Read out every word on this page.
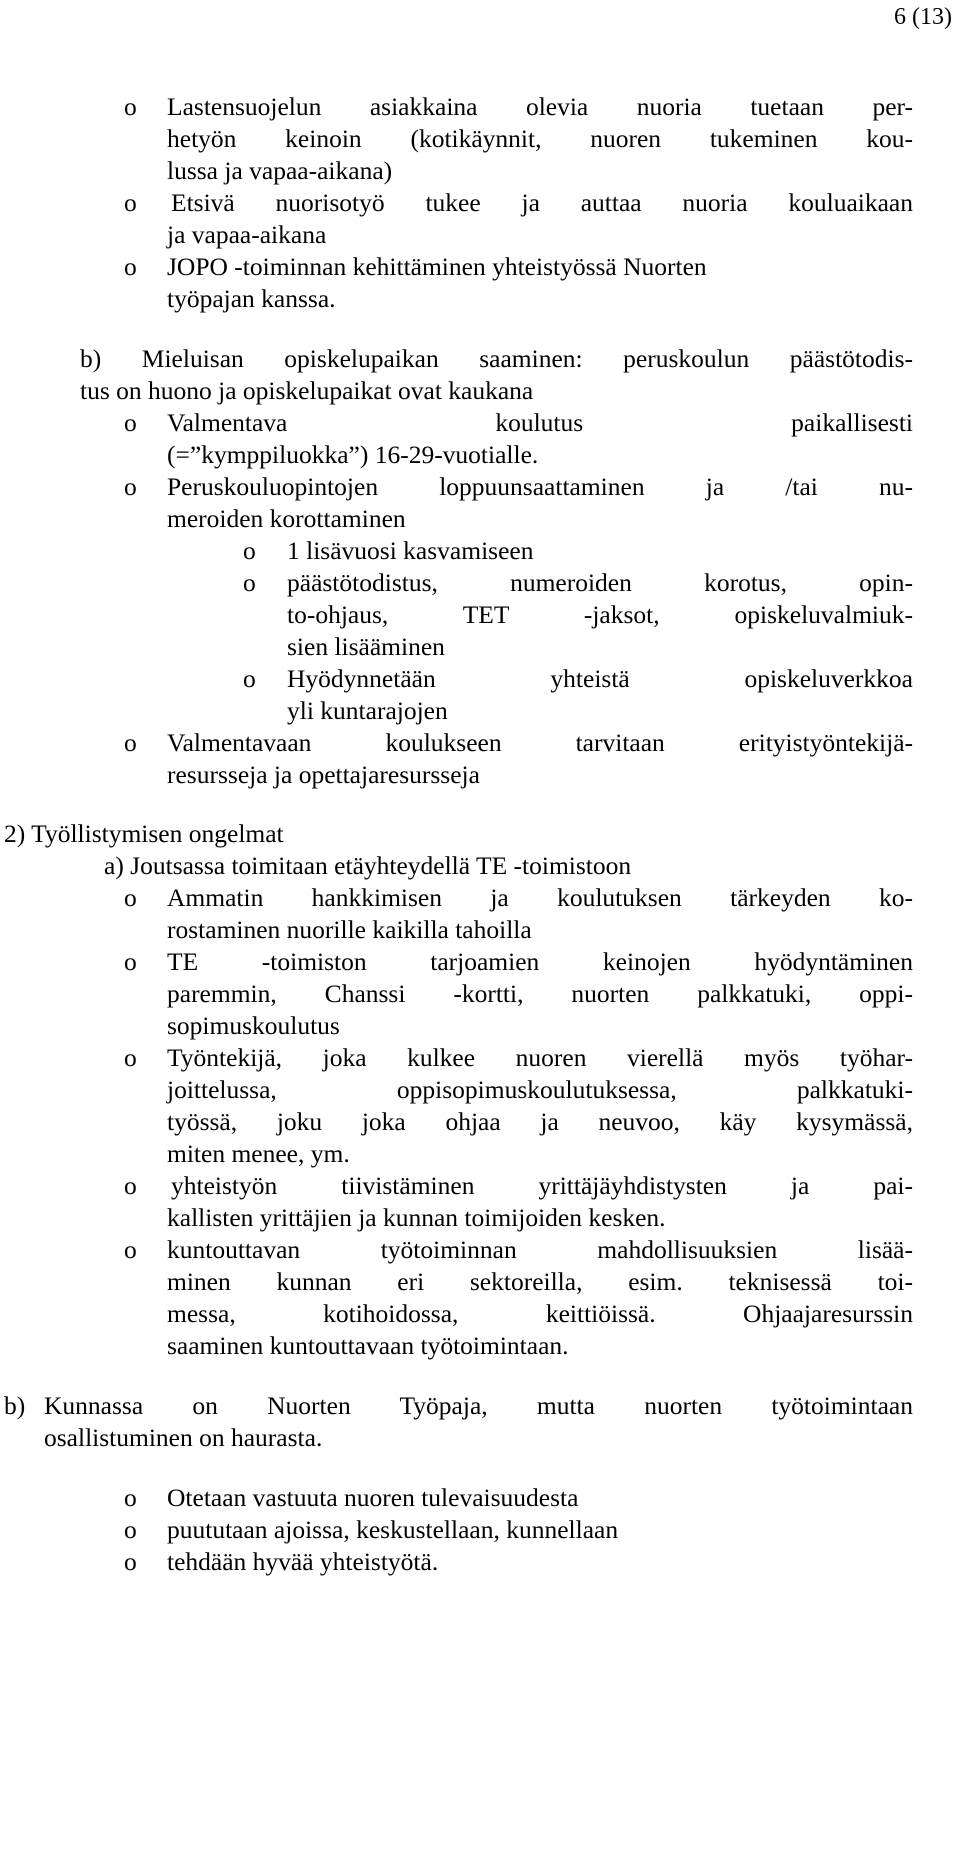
6 (13)
o Lastensuojelun asiakkaina olevia nuoria tuetaan per-
hetyön keinoin (kotikäynnit, nuoren tukeminen kou-
lussa ja vapaa-aikana)
o Etsivä nuorisotyö tukee ja auttaa nuoria kouluaikaan
ja vapaa-aikana
o JOPO -toiminnan kehittäminen yhteistyössä Nuorten
työpajan kanssa.
b) Mieluisan opiskelupaikan saaminen: peruskoulun päästötodis-
tus on huono ja opiskelupaikat ovat kaukana
o Valmentava koulutus paikallisesti
(=”kymppiluokka”) 16-29-vuotialle.
o Peruskouluopintojen loppuunsaattaminen ja /tai nu-
meroiden korottaminen
o 1 lisävuosi kasvamiseen
o päästötodistus, numeroiden korotus, opin-
to-ohjaus, TET -jaksot, opiskeluvalmiuk-
sien lisääminen
o Hyödynnetään yhteistä opiskeluverkkoa
yli kuntarajojen
o Valmentavaan koulukseen tarvitaan erityistyöntekijä-
resursseja ja opettajaresursseja
2) Työllistymisen ongelmat
a) Joutsassa toimitaan etäyhteydellä TE -toimistoon
o Ammatin hankkimisen ja koulutuksen tärkeyden ko-
rostaminen nuorille kaikilla tahoilla
o TE -toimiston tarjoamien keinojen hyödyntäminen
paremmin, Chanssi -kortti, nuorten palkkatuki, oppi-
sopimuskoulutus
o Työntekijä, joka kulkee nuoren vierellä myös työhar-
joittelussa, oppisopimuskoulutuksessa, palkkatuki-
työssä, joku joka ohjaa ja neuvoo, käy kysymässä,
miten menee, ym.
o yhteistyön tiivistäminen yrittäjäyhdistysten ja pai-
kallisten yrittäjien ja kunnan toimijoiden kesken.
o kuntouttavan työtoiminnan mahdollisuuksien lisää-
minen kunnan eri sektoreilla, esim. teknisessä toi-
messa, kotihoidossa, keittiöissä. Ohjaajaresurssin
saaminen kuntouttavaan työtoimintaan.
b) Kunnassa on Nuorten Työpaja, mutta nuorten työtoimintaan
osallistuminen on haurasta.
o Otetaan vastuuta nuoren tulevaisuudesta
o puututaan ajoissa, keskustellaan, kunnellaan
o tehdään hyvää yhteistyötä.
